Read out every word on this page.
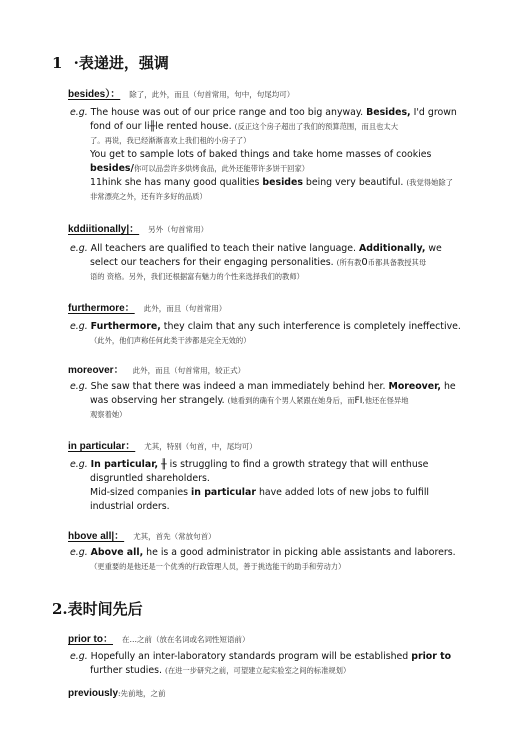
1 ·表递进，强调
besides）： 除了，此外，而且（句首常用，句中，句尾均可）
e.g. The house was out of our price range and too big anyway. Besides, I'd grown
fond of our li╫le rented house. (反正这个房子超出了我们的预算范围，而且也太大
了。再说，我已经渐渐喜欢上我们租的小房子了）
You get to sample lots of baked things and take home masses of cookies
besides/你可以品尝许多烘烤食品，此外还能带许多饼干回家）
11hink she has many good qualities besides being very beautiful. (我觉得她除了
非常漂亮之外，还有许多好的品质）
kddiitionally|： 另外（句首常用）
e.g. All teachers are qualified to teach their native language. Additionally, we
select our teachers for their engaging personalities. (所有教0币都具备教授其母
语的 资格。另外，我们还根据富有魅力的个性来选择我们的教师）
furthermore： 此外，而且（句首常用）
e.g. Furthermore, they claim that any such interference is completely ineffective.
（此外，他们声称任何此类干涉都是完全无效的）
moreover： 此外，而且（句首常用，较正式）
e.g. She saw that there was indeed a man immediately behind her. Moreover, he
was observing her strangely. (她看到的确有个男人紧跟在她身后，而FI,他还在怪异地
观察着她）
in particular： 尤其，特别（句首，中，尾均可）
e.g. In particular, ╫ is struggling to find a growth strategy that will enthuse
disgruntled shareholders.
Mid-sized companies in particular have added lots of new jobs to fulfill
industrial orders.
hbove all|： 尤其，首先（常放句首）
e.g. Above all, he is a good administrator in picking able assistants and laborers.
（更重要的是他还是一个优秀的行政管理人员，善于挑选能干的助手和劳动力）
2.表时间先后
prior to： 在…之前（放在名词或名词性短语前）
e.g. Hopefully an inter-laboratory standards program will be established prior to
further studies. (在进一步研究之前，可望建立起实验室之间的标准规划）
previously:先前地，之前
